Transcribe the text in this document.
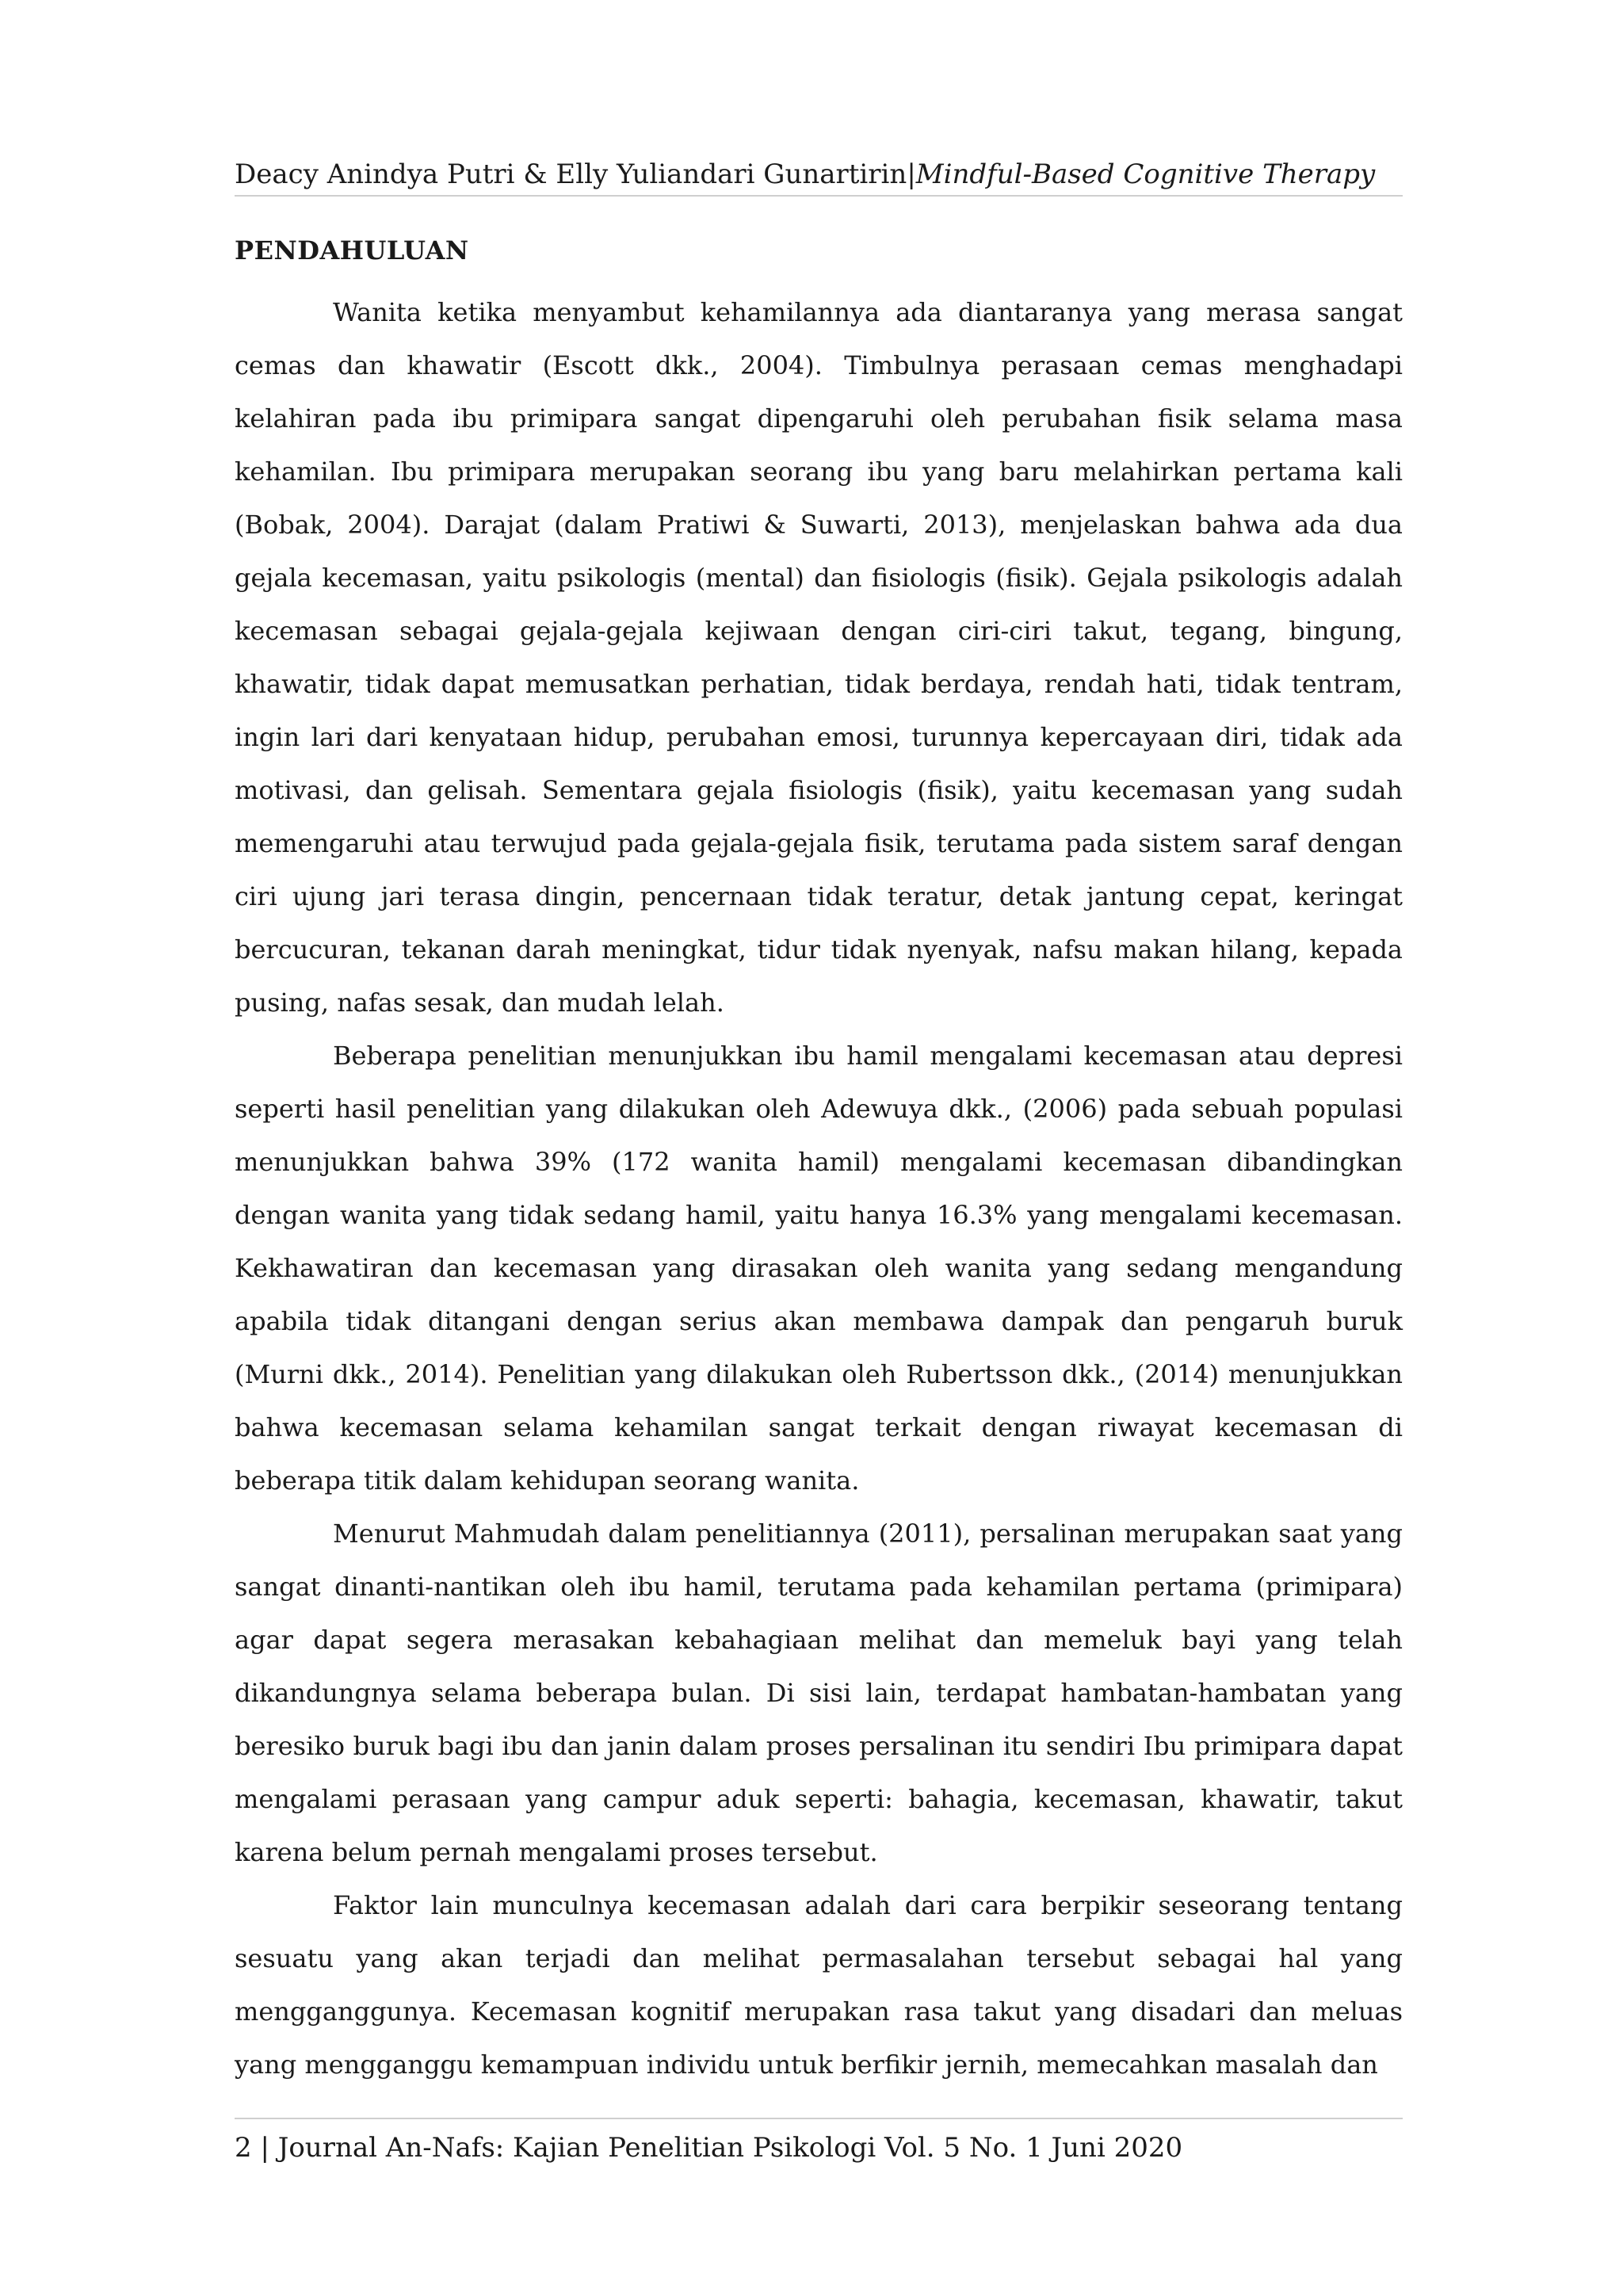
Deacy Anindya Putri & Elly Yuliandari Gunartirin|Mindful-Based Cognitive Therapy
PENDAHULUAN

Wanita ketika menyambut kehamilannya ada diantaranya yang merasa sangat cemas dan khawatir (Escott dkk., 2004). Timbulnya perasaan cemas menghadapi kelahiran pada ibu primipara sangat dipengaruhi oleh perubahan fisik selama masa kehamilan. Ibu primipara merupakan seorang ibu yang baru melahirkan pertama kali (Bobak, 2004). Darajat (dalam Pratiwi & Suwarti, 2013), menjelaskan bahwa ada dua gejala kecemasan, yaitu psikologis (mental) dan fisiologis (fisik). Gejala psikologis adalah kecemasan sebagai gejala-gejala kejiwaan dengan ciri-ciri takut, tegang, bingung, khawatir, tidak dapat memusatkan perhatian, tidak berdaya, rendah hati, tidak tentram, ingin lari dari kenyataan hidup, perubahan emosi, turunnya kepercayaan diri, tidak ada motivasi, dan gelisah. Sementara gejala fisiologis (fisik), yaitu kecemasan yang sudah memengaruhi atau terwujud pada gejala-gejala fisik, terutama pada sistem saraf dengan ciri ujung jari terasa dingin, pencernaan tidak teratur, detak jantung cepat, keringat bercucuran, tekanan darah meningkat, tidur tidak nyenyak, nafsu makan hilang, kepada pusing, nafas sesak, dan mudah lelah.

Beberapa penelitian menunjukkan ibu hamil mengalami kecemasan atau depresi seperti hasil penelitian yang dilakukan oleh Adewuya dkk., (2006) pada sebuah populasi menunjukkan bahwa 39% (172 wanita hamil) mengalami kecemasan dibandingkan dengan wanita yang tidak sedang hamil, yaitu hanya 16.3% yang mengalami kecemasan. Kekhawatiran dan kecemasan yang dirasakan oleh wanita yang sedang mengandung apabila tidak ditangani dengan serius akan membawa dampak dan pengaruh buruk (Murni dkk., 2014). Penelitian yang dilakukan oleh Rubertsson dkk., (2014) menunjukkan bahwa kecemasan selama kehamilan sangat terkait dengan riwayat kecemasan di beberapa titik dalam kehidupan seorang wanita.

Menurut Mahmudah dalam penelitiannya (2011), persalinan merupakan saat yang sangat dinanti-nantikan oleh ibu hamil, terutama pada kehamilan pertama (primipara) agar dapat segera merasakan kebahagiaan melihat dan memeluk bayi yang telah dikandungnya selama beberapa bulan. Di sisi lain, terdapat hambatan-hambatan yang beresiko buruk bagi ibu dan janin dalam proses persalinan itu sendiri Ibu primipara dapat mengalami perasaan yang campur aduk seperti: bahagia, kecemasan, khawatir, takut karena belum pernah mengalami proses tersebut.

Faktor lain munculnya kecemasan adalah dari cara berpikir seseorang tentang sesuatu yang akan terjadi dan melihat permasalahan tersebut sebagai hal yang mengganggunya. Kecemasan kognitif merupakan rasa takut yang disadari dan meluas yang mengganggu kemampuan individu untuk berfikir jernih, memecahkan masalah dan

2 | Journal An-Nafs: Kajian Penelitian Psikologi Vol. 5 No. 1 Juni 2020
